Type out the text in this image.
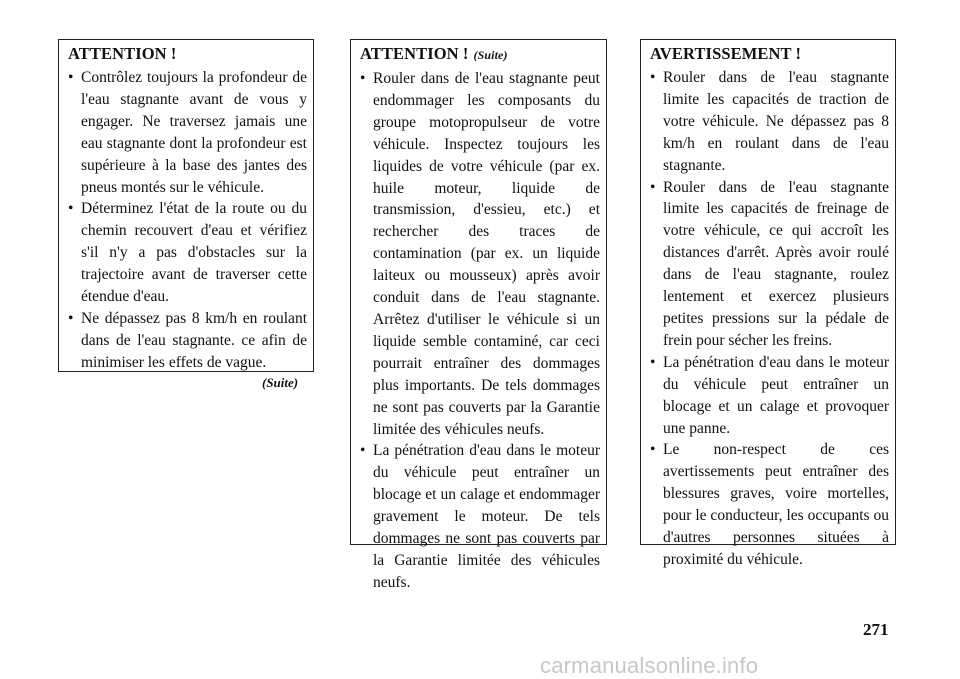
ATTENTION !
• Contrôlez toujours la profondeur de l'eau stagnante avant de vous y engager. Ne traversez jamais une eau stagnante dont la profondeur est supérieure à la base des jantes des pneus montés sur le véhicule.
• Déterminez l'état de la route ou du chemin recouvert d'eau et vérifiez s'il n'y a pas d'obstacles sur la trajectoire avant de traverser cette étendue d'eau.
• Ne dépassez pas 8 km/h en roulant dans de l'eau stagnante. ce afin de minimiser les effets de vague.
(Suite)
ATTENTION ! (Suite)
• Rouler dans de l'eau stagnante peut endommager les composants du groupe motopropulseur de votre véhicule. Inspectez toujours les liquides de votre véhicule (par ex. huile moteur, liquide de transmission, d'essieu, etc.) et rechercher des traces de contamination (par ex. un liquide laiteux ou mousseux) après avoir conduit dans de l'eau stagnante. Arrêtez d'utiliser le véhicule si un liquide semble contaminé, car ceci pourrait entraîner des dommages plus importants. De tels dommages ne sont pas couverts par la Garantie limitée des véhicules neufs.
• La pénétration d'eau dans le moteur du véhicule peut entraîner un blocage et un calage et endommager gravement le moteur. De tels dommages ne sont pas couverts par la Garantie limitée des véhicules neufs.
AVERTISSEMENT !
• Rouler dans de l'eau stagnante limite les capacités de traction de votre véhicule. Ne dépassez pas 8 km/h en roulant dans de l'eau stagnante.
• Rouler dans de l'eau stagnante limite les capacités de freinage de votre véhicule, ce qui accroît les distances d'arrêt. Après avoir roulé dans de l'eau stagnante, roulez lentement et exercez plusieurs petites pressions sur la pédale de frein pour sécher les freins.
• La pénétration d'eau dans le moteur du véhicule peut entraîner un blocage et un calage et provoquer une panne.
• Le non-respect de ces avertissements peut entraîner des blessures graves, voire mortelles, pour le conducteur, les occupants ou d'autres personnes situées à proximité du véhicule.
271
carmanualsonline.info
